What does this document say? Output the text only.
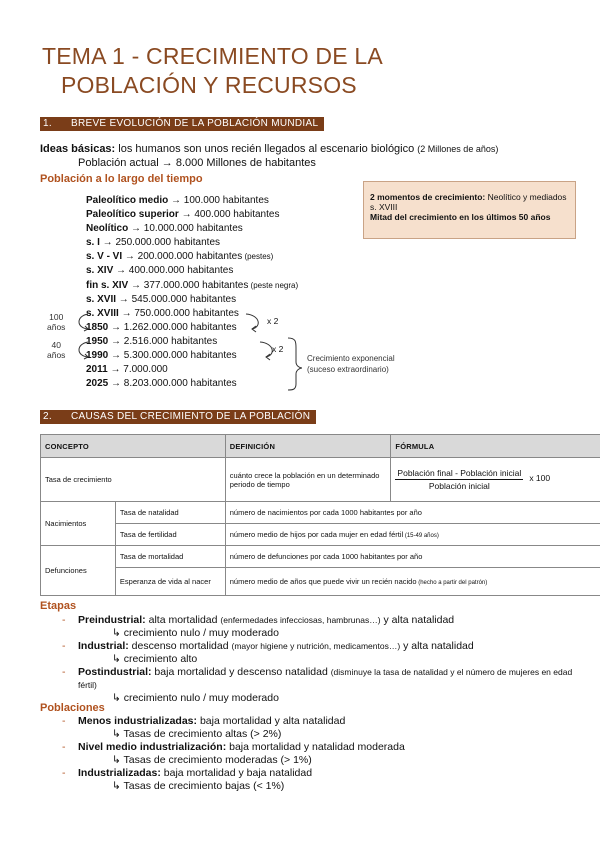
TEMA 1 - CRECIMIENTO DE LA
POBLACIÓN Y RECURSOS
1. BREVE EVOLUCIÓN DE LA POBLACIÓN MUNDIAL
Ideas básicas: los humanos son unos recién llegados al escenario biológico (2 Millones de años)
Población actual → 8.000 Millones de habitantes
Población a lo largo del tiempo
Paleolítico medio → 100.000 habitantes
Paleolítico superior → 400.000 habitantes
Neolítico → 10.000.000 habitantes
s. I → 250.000.000 habitantes
s. V - VI → 200.000.000 habitantes (pestes)
s. XIV → 400.000.000 habitantes
fin s. XIV → 377.000.000 habitantes (peste negra)
s. XVII → 545.000.000 habitantes
s. XVIII → 750.000.000 habitantes
1850 → 1.262.000.000 habitantes
1950 → 2.516.000 habitantes
1990 → 5.300.000.000 habitantes
2011 → 7.000.000
2025 → 8.203.000.000 habitantes
100
años
40
años
x 2
x 2
Crecimiento exponencial
(suceso extraordinario)
2 momentos de crecimiento: Neolítico y mediados s. XVIII
Mitad del crecimiento en los últimos 50 años
2. CAUSAS DEL CRECIMIENTO DE LA POBLACIÓN
CONCEPTO		DEFINICIÓN	FÓRMULA
Tasa de crecimiento		cuánto crece la población en un determinado periodo de tiempo	$\frac{\text{Población final - Población inicial}}{\text{Población inicial}}$ x 100
Nacimientos	Tasa de natalidad	número de nacimientos por cada 1000 habitantes por año	
	Tasa de fertilidad	número medio de hijos por cada mujer en edad fértil (15-49 años)	
Defunciones	Tasa de mortalidad	número de defunciones por cada 1000 habitantes por año	
	Esperanza de vida al nacer	número medio de años que puede vivir un recién nacido (hecho a partir del patrón)	
Etapas
- Preindustrial: alta mortalidad (enfermedades infecciosas, hambrunas…) y alta natalidad
↳ crecimiento nulo / muy moderado
- Industrial: descenso mortalidad (mayor higiene y nutrición, medicamentos…) y alta natalidad
↳ crecimiento alto
- Postindustrial: baja mortalidad y descenso natalidad (disminuye la tasa de natalidad y el número de mujeres en edad fértil)
↳ crecimiento nulo / muy moderado
Poblaciones
- Menos industrializadas: baja mortalidad y alta natalidad
↳ Tasas de crecimiento altas (> 2%)
- Nivel medio industrialización: baja mortalidad y natalidad moderada
↳ Tasas de crecimiento moderadas (> 1%)
- Industrializadas: baja mortalidad y baja natalidad
↳ Tasas de crecimiento bajas (< 1%)
